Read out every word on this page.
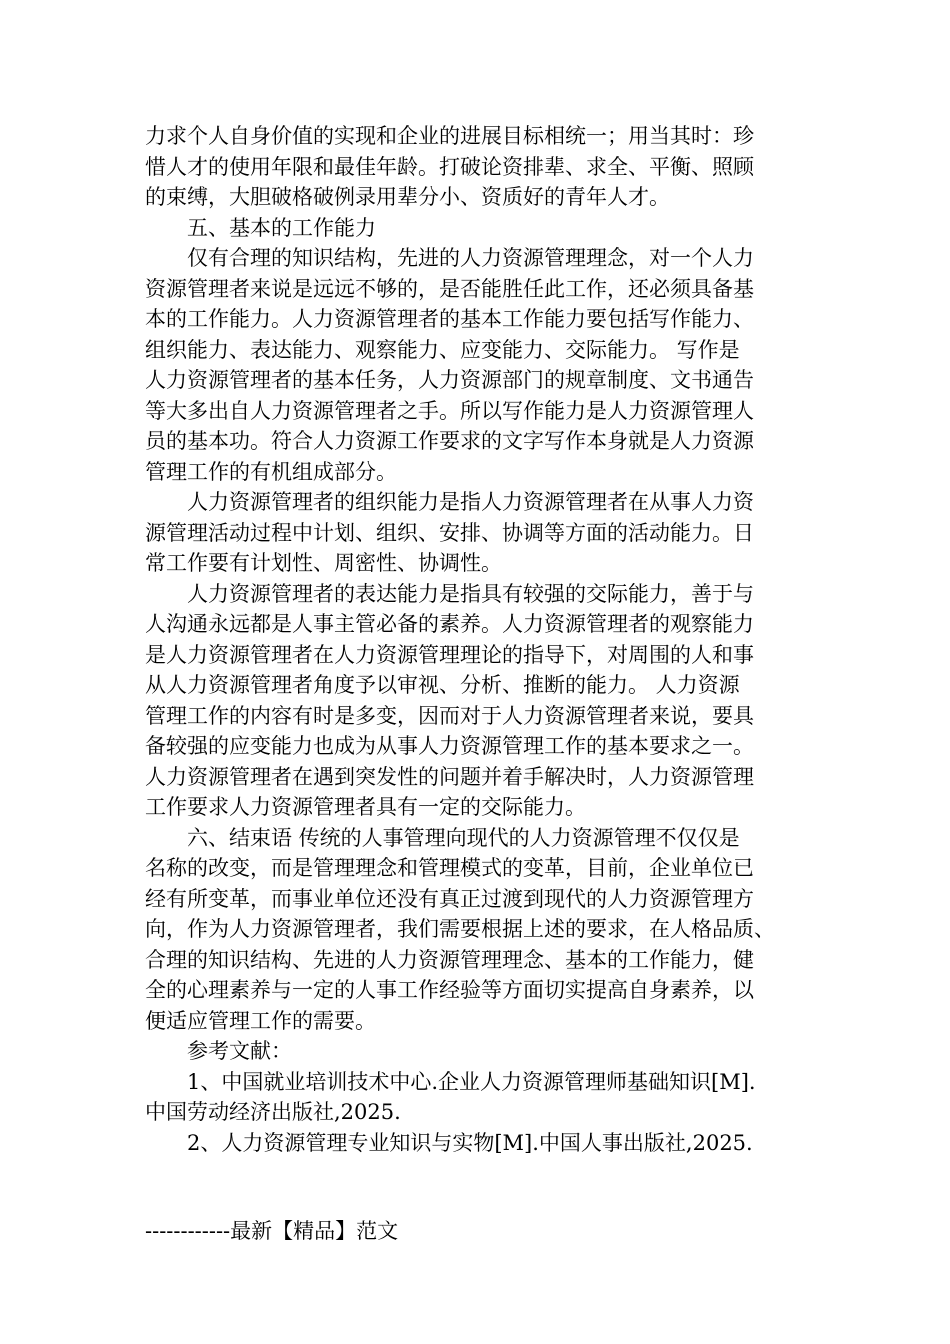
力求个人自身价值的实现和企业的进展目标相统一；用当其时：珍
惜人才的使用年限和最佳年龄。打破论资排辈、求全、平衡、照顾
的束缚，大胆破格破例录用辈分小、资质好的青年人才。
五、基本的工作能力
仅有合理的知识结构，先进的人力资源管理理念，对一个人力
资源管理者来说是远远不够的，是否能胜任此工作，还必须具备基
本的工作能力。人力资源管理者的基本工作能力要包括写作能力、
组织能力、表达能力、观察能力、应变能力、交际能力。 写作是
人力资源管理者的基本任务，人力资源部门的规章制度、文书通告
等大多出自人力资源管理者之手。所以写作能力是人力资源管理人
员的基本功。符合人力资源工作要求的文字写作本身就是人力资源
管理工作的有机组成部分。
人力资源管理者的组织能力是指人力资源管理者在从事人力资
源管理活动过程中计划、组织、安排、协调等方面的活动能力。日
常工作要有计划性、周密性、协调性。
人力资源管理者的表达能力是指具有较强的交际能力，善于与
人沟通永远都是人事主管必备的素养。人力资源管理者的观察能力
是人力资源管理者在人力资源管理理论的指导下，对周围的人和事
从人力资源管理者角度予以审视、分析、推断的能力。 人力资源
管理工作的内容有时是多变，因而对于人力资源管理者来说，要具
备较强的应变能力也成为从事人力资源管理工作的基本要求之一。
人力资源管理者在遇到突发性的问题并着手解决时，人力资源管理
工作要求人力资源管理者具有一定的交际能力。
六、结束语 传统的人事管理向现代的人力资源管理不仅仅是
名称的改变，而是管理理念和管理模式的变革，目前，企业单位已
经有所变革，而事业单位还没有真正过渡到现代的人力资源管理方
向，作为人力资源管理者，我们需要根据上述的要求，在人格品质、
合理的知识结构、先进的人力资源管理理念、基本的工作能力，健
全的心理素养与一定的人事工作经验等方面切实提高自身素养，以
便适应管理工作的需要。
参考文献：
1、中国就业培训技术中心.企业人力资源管理师基础知识[M].
中国劳动经济出版社,2025.
2、人力资源管理专业知识与实物[M].中国人事出版社,2025.
------------最新【精品】范文
